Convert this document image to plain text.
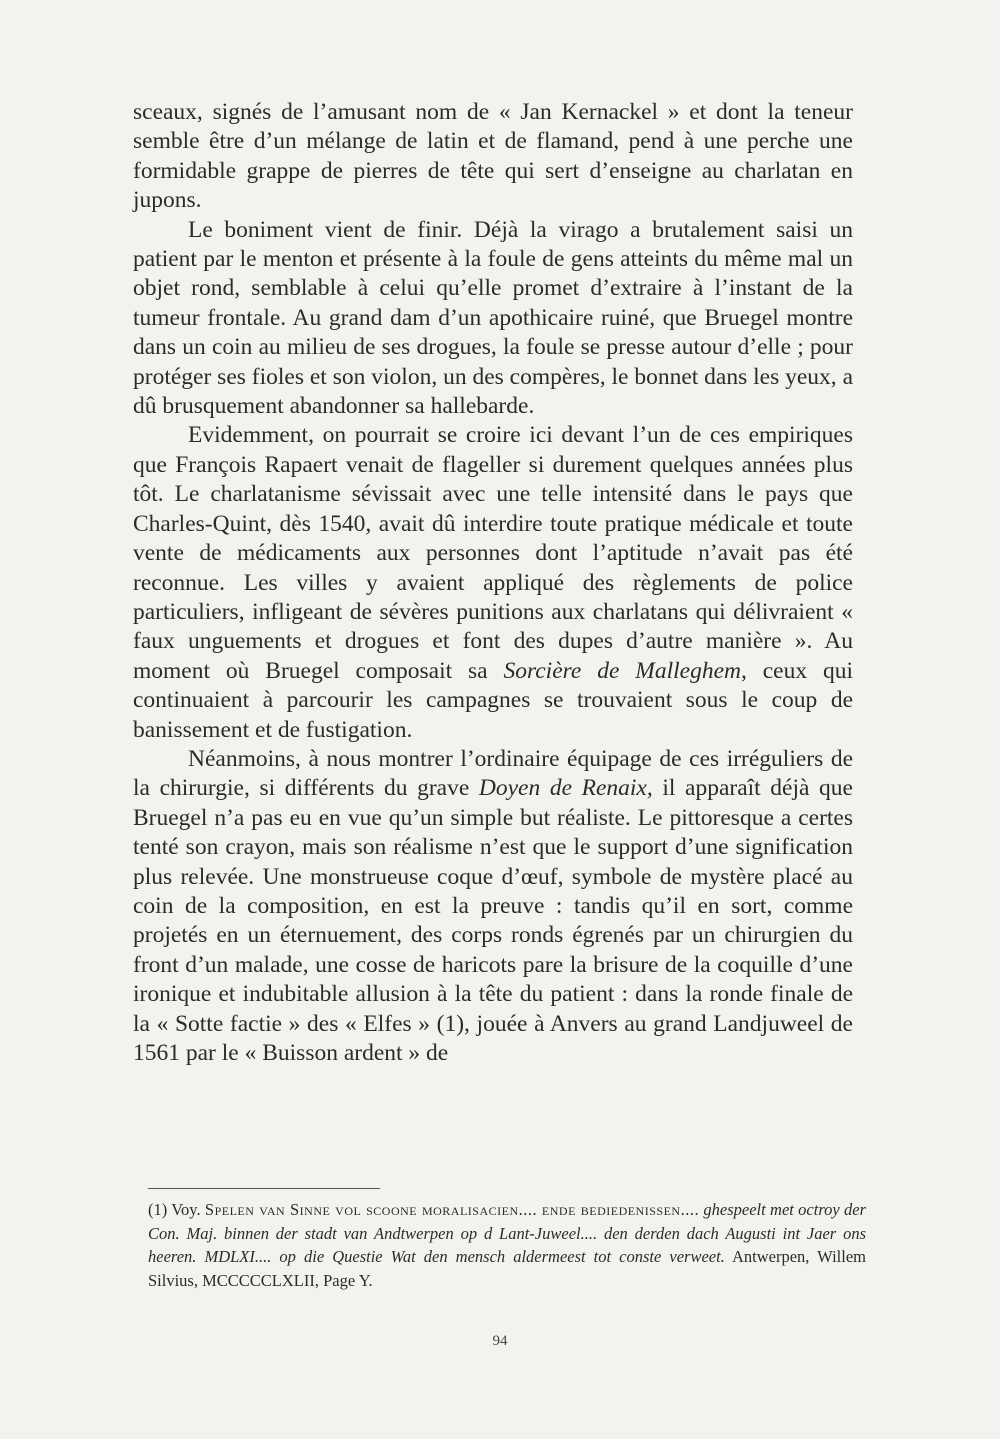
sceaux, signés de l’amusant nom de « Jan Kernackel » et dont la teneur semble être d’un mélange de latin et de flamand, pend à une perche une formidable grappe de pierres de tête qui sert d’enseigne au charlatan en jupons.

Le boniment vient de finir. Déjà la virago a brutalement saisi un patient par le menton et présente à la foule de gens atteints du même mal un objet rond, semblable à celui qu’elle promet d’extraire à l’instant de la tumeur frontale. Au grand dam d’un apothicaire ruiné, que Bruegel montre dans un coin au milieu de ses drogues, la foule se presse autour d’elle ; pour protéger ses fioles et son violon, un des compères, le bonnet dans les yeux, a dû brusquement abandonner sa hallebarde.

Evidemment, on pourrait se croire ici devant l’un de ces empiriques que François Rapaert venait de flageller si durement quelques années plus tôt. Le charlatanisme sévissait avec une telle intensité dans le pays que Charles-Quint, dès 1540, avait dû interdire toute pratique médicale et toute vente de médicaments aux personnes dont l’aptitude n’avait pas été reconnue. Les villes y avaient appliqué des règlements de police particuliers, infligeant de sévères punitions aux charlatans qui délivraient « faux unguements et drogues et font des dupes d’autre manière ». Au moment où Bruegel composait sa Sorcière de Malleghem, ceux qui continuaient à parcourir les campagnes se trouvaient sous le coup de banissement et de fustigation.

Néanmoins, à nous montrer l’ordinaire équipage de ces irréguliers de la chirurgie, si différents du grave Doyen de Renaix, il apparaît déjà que Bruegel n’a pas eu en vue qu’un simple but réaliste. Le pittoresque a certes tenté son crayon, mais son réalisme n’est que le support d’une signification plus relevée. Une monstrueuse coque d’œuf, symbole de mystère placé au coin de la composition, en est la preuve : tandis qu’il en sort, comme projetés en un éternuement, des corps ronds égrenés par un chirurgien du front d’un malade, une cosse de haricots pare la brisure de la coquille d’une ironique et indubitable allusion à la tête du patient : dans la ronde finale de la « Sotte factie » des « Elfes » (1), jouée à Anvers au grand Landjuweel de 1561 par le « Buisson ardent » de

(1) Voy. Spelen van Sinne vol scoone moralisacien.... ende bediedenissen.... ghespeelt met octroy der Con. Maj. binnen der stadt van Andtwerpen op d Lant-Juweel.... den derden dach Augusti int Jaer ons heeren. MDLXI.... op die Questie Wat den mensch aldermeest tot conste verweet. Antwerpen, Willem Silvius, MCCCCCLXLII, Page Y.

94
